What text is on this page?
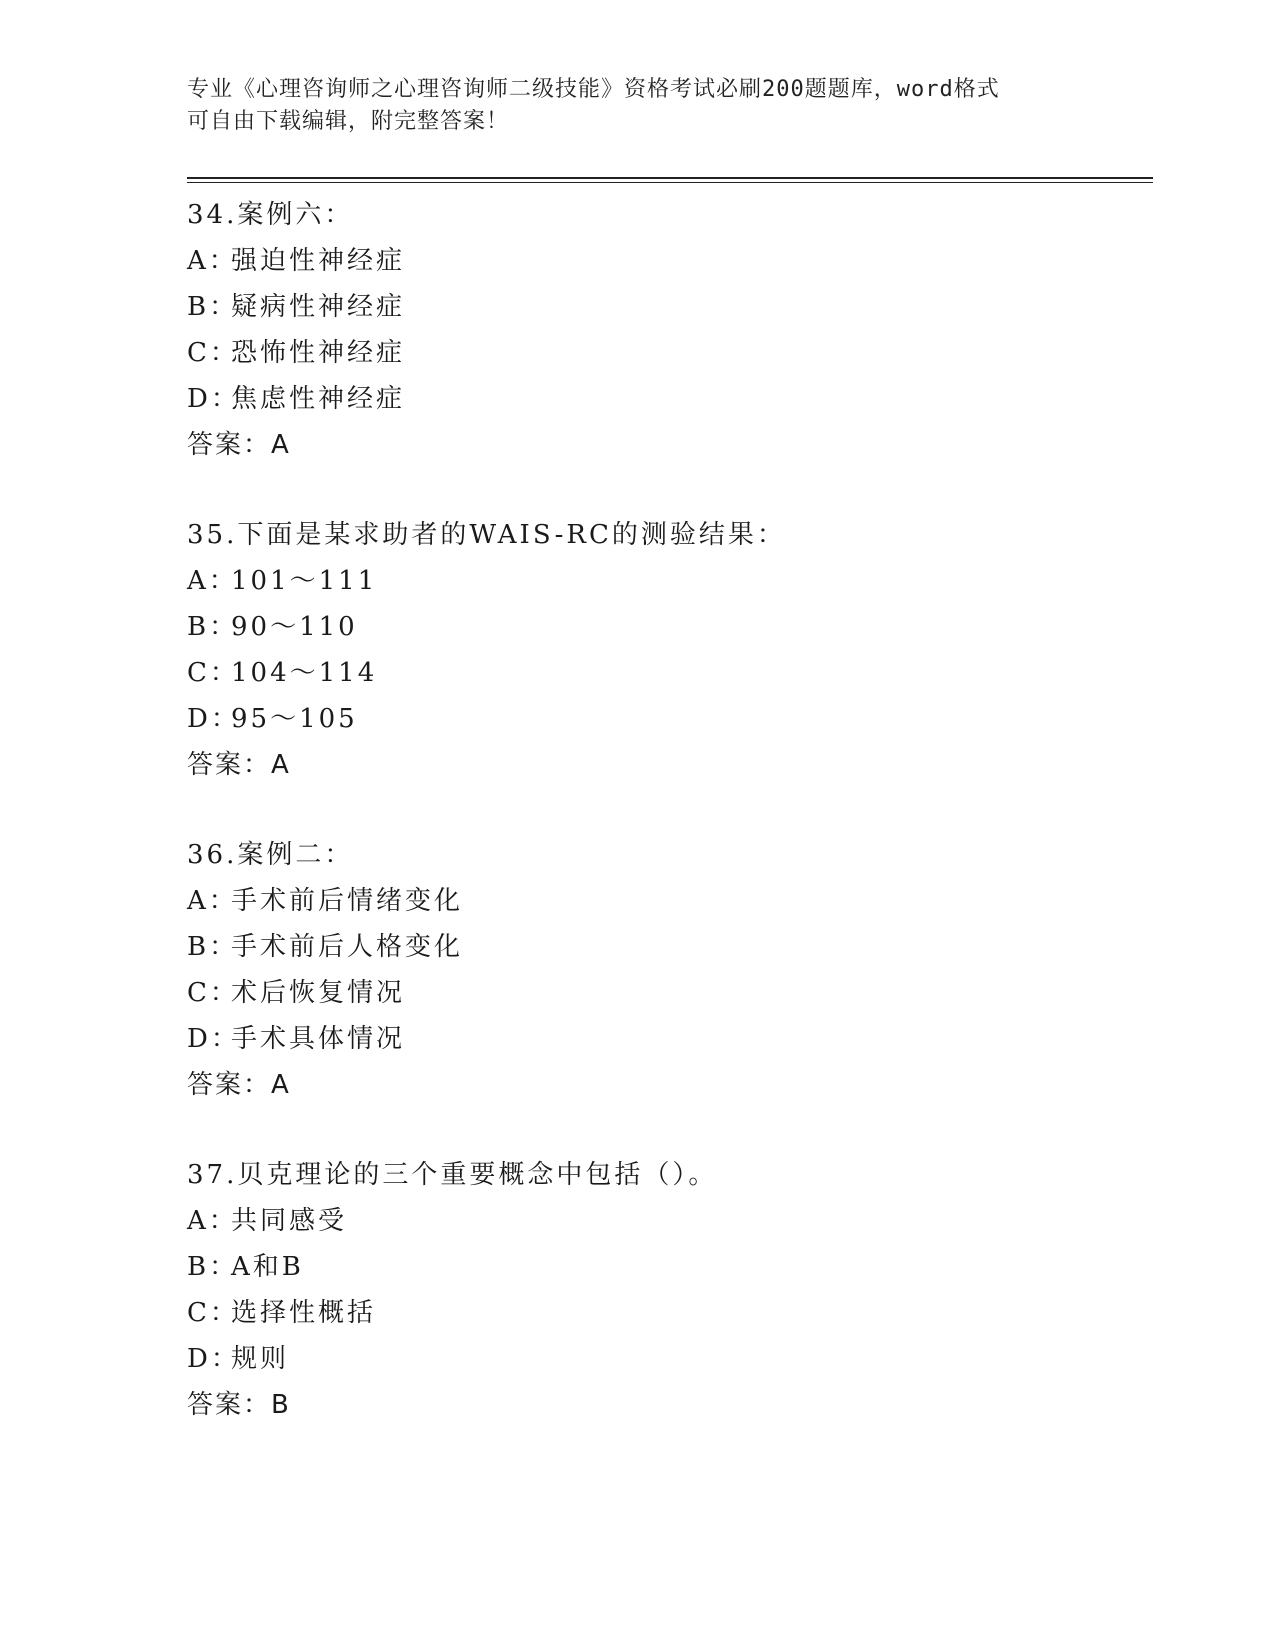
专业《心理咨询师之心理咨询师二级技能》资格考试必刷200题题库，word格式
可自由下载编辑，附完整答案！
34.案例六：
A：强迫性神经症
B：疑病性神经症
C：恐怖性神经症
D：焦虑性神经症
答案：A
35.下面是某求助者的WAIS-RC的测验结果：
A：101～111
B：90～110
C：104～114
D：95～105
答案：A
36.案例二：
A：手术前后情绪变化
B：手术前后人格变化
C：术后恢复情况
D：手术具体情况
答案：A
37.贝克理论的三个重要概念中包括（）。
A：共同感受
B：A和B
C：选择性概括
D：规则
答案：B
